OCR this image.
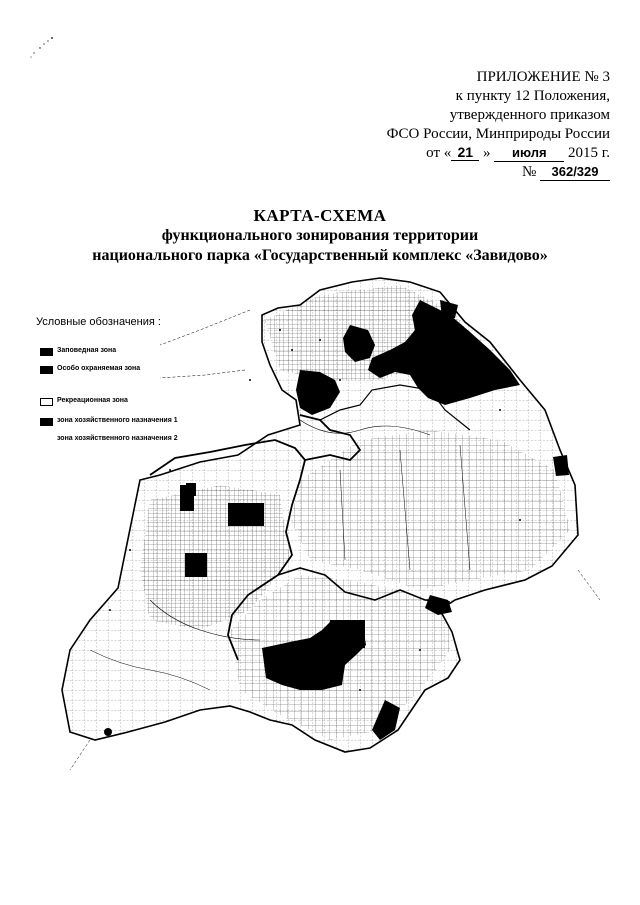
ПРИЛОЖЕНИЕ № 3
к пункту 12 Положения,
утвержденного приказом
ФСО России, Минприроды России
от « 21 » июля 2015 г.
№ 362/329
КАРТА-СХЕМА
функционального зонирования территории
национального парка «Государственный комплекс «Завидово»
Условные обозначения :
Заповедная зона
Особо охраняемая зона
Рекреационная зона
зона хозяйственного назначения 1
зона хозяйственного назначения 2
